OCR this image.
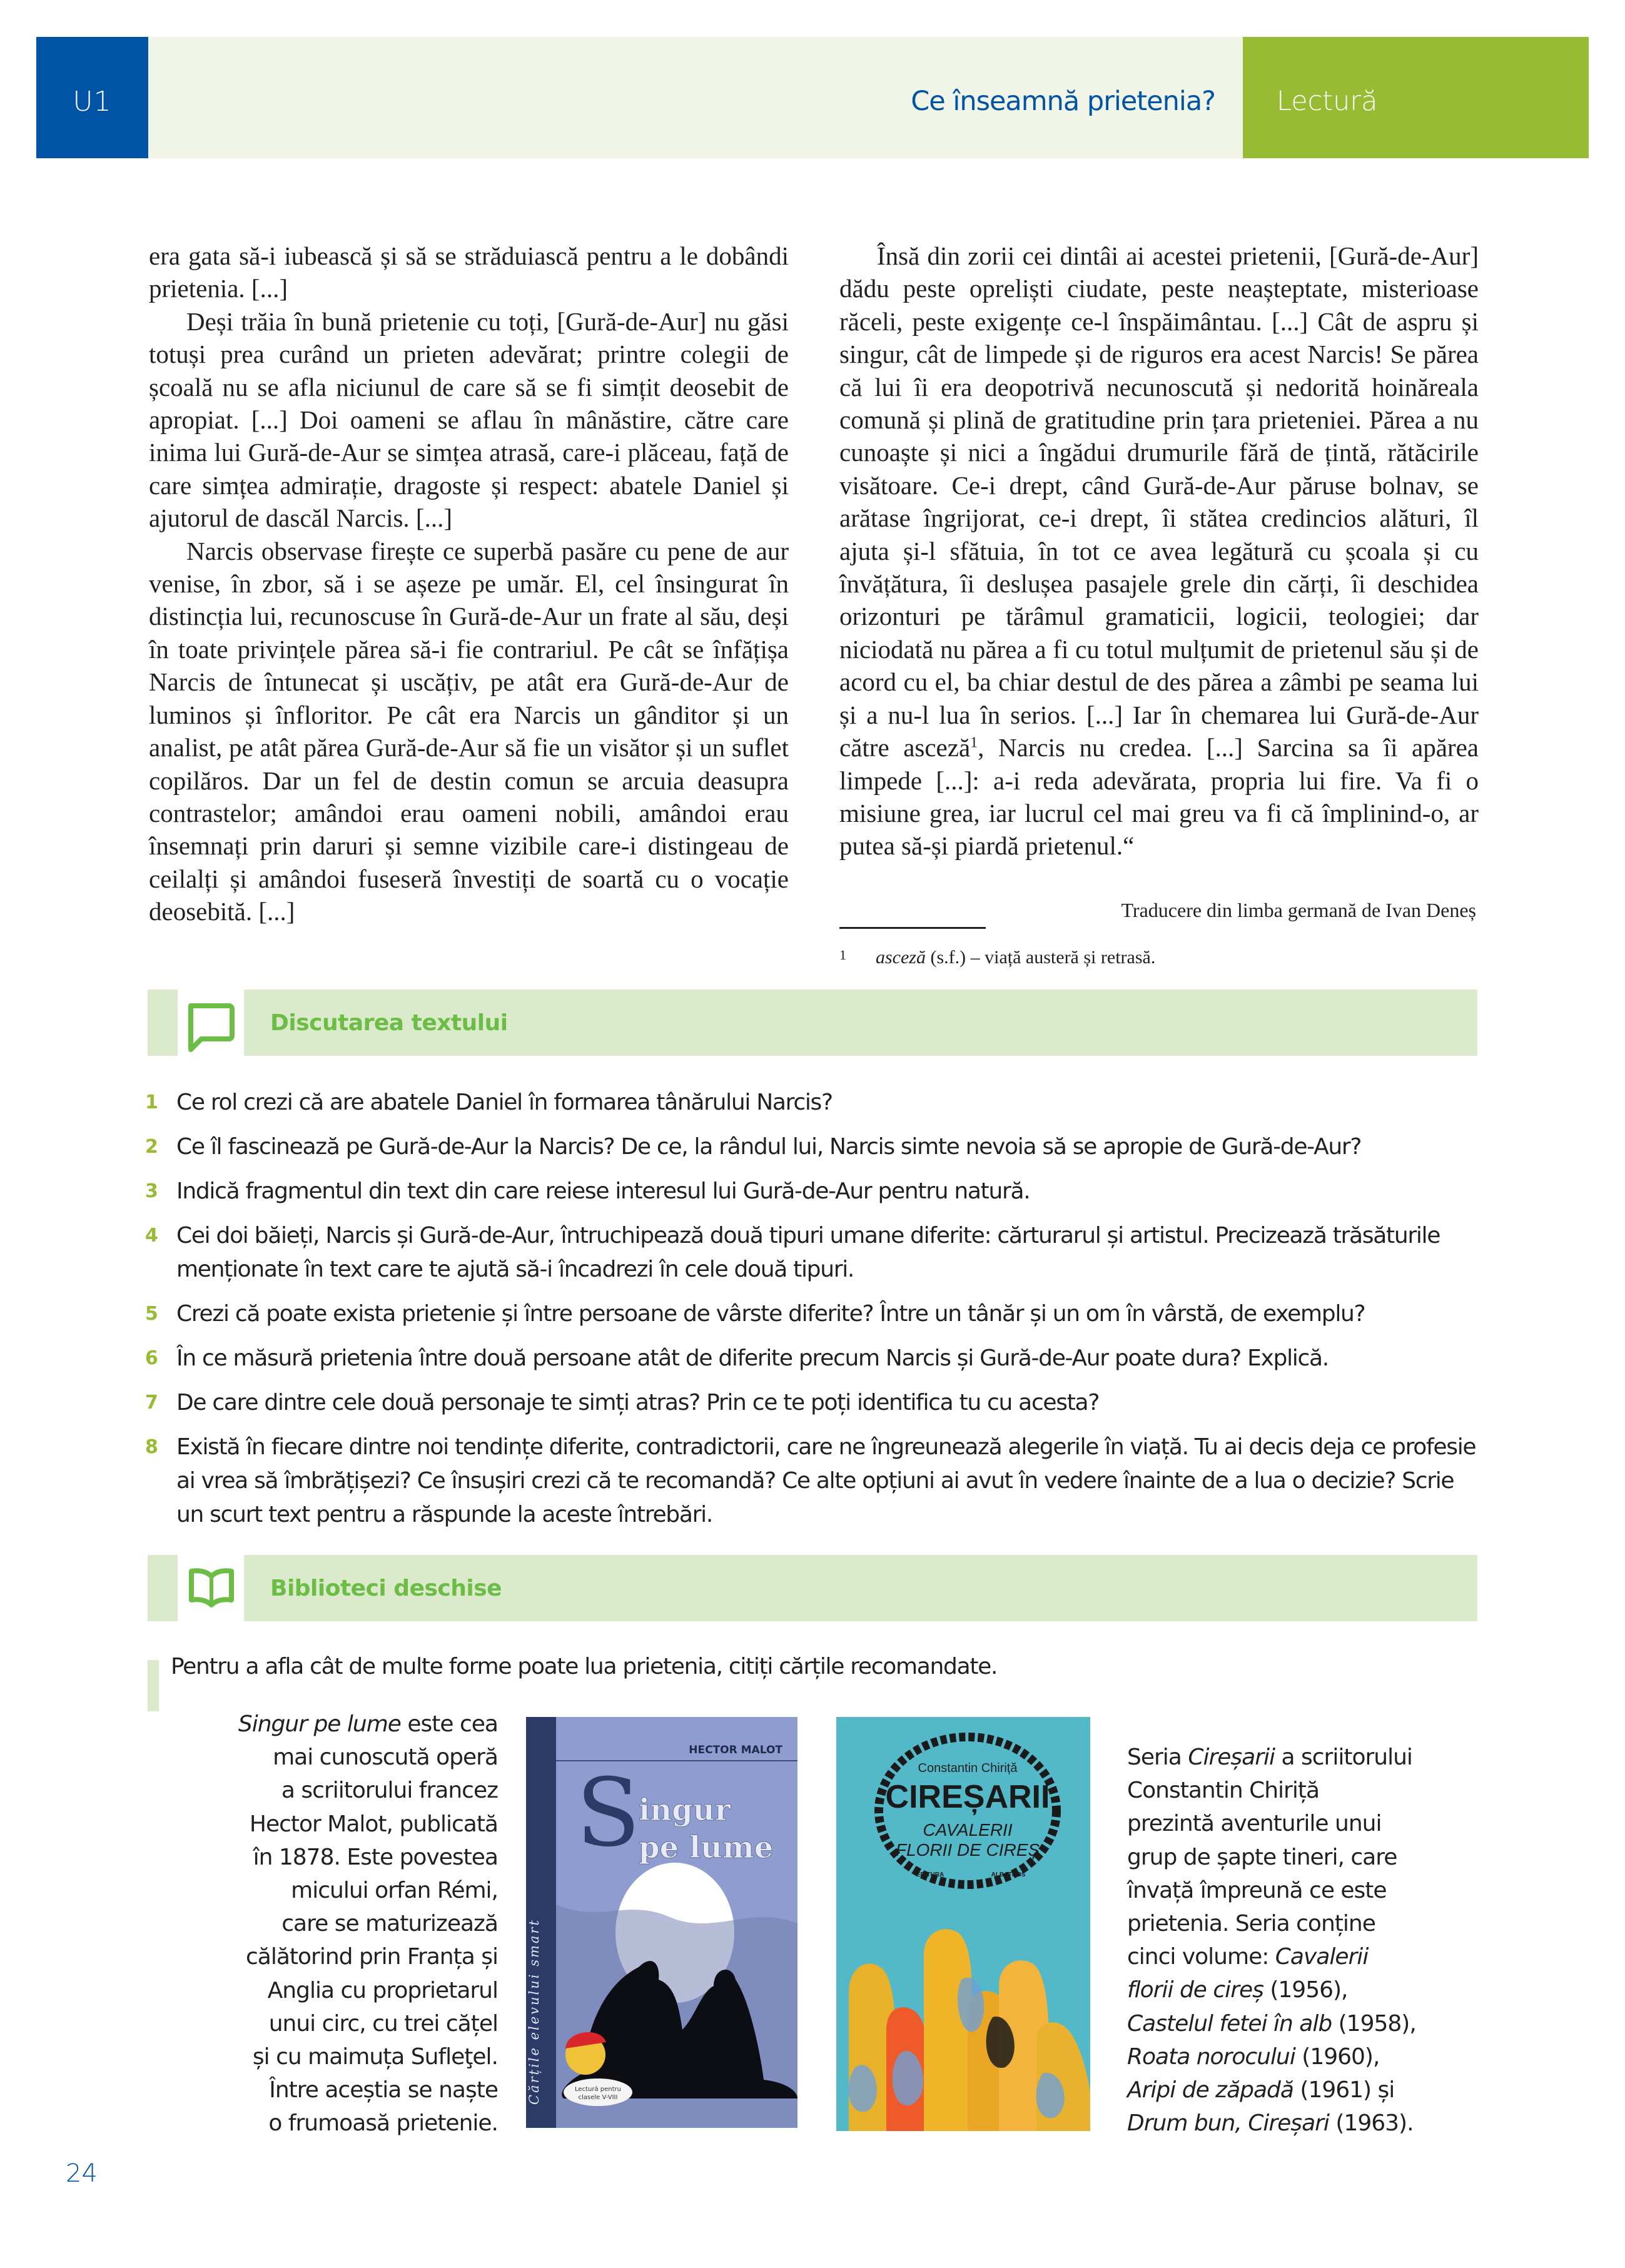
U1	Ce înseamnă prietenia? Lectură

era gata să-i iubească și să se străduiască pentru a le dobândi prietenia. [...]

Deși trăia în bună prietenie cu toți, [Gură-de-Aur] nu găsi totuși prea curând un prieten adevărat; printre colegii de școală nu se afla niciunul de care să se fi simțit deosebit de apropiat. [...] Doi oameni se aflau în mânăstire, către care inima lui Gură-de-Aur se simțea atrasă, care-i plăceau, față de care simțea admirație, dragoste și respect: abatele Daniel și ajutorul de dascăl Narcis. [...]

Narcis observase firește ce superbă pasăre cu pene de aur venise, în zbor, să i se așeze pe umăr. El, cel însingurat în distincția lui, recunoscuse în Gură-de-Aur un frate al său, deși în toate privințele părea să-i fie contrariul. Pe cât se înfățișa Narcis de întunecat și uscățiv, pe atât era Gură-de-Aur de luminos și înfloritor. Pe cât era Narcis un gânditor și un analist, pe atât părea Gură-de-Aur să fie un visător și un suflet copilăros. Dar un fel de destin comun se arcuia deasupra contrastelor; amândoi erau oameni nobili, amândoi erau însemnați prin daruri și semne vizibile care-i distingeau de ceilalți și amândoi fuseseră învestiți de soartă cu o vocație deosebită. [...]

Însă din zorii cei dintâi ai acestei prietenii, [Gură-de-Aur] dădu peste opreliști ciudate, peste neașteptate, misterioase răceli, peste exigențe ce-l înspăimântau. [...] Cât de aspru și singur, cât de limpede și de riguros era acest Narcis! Se părea că lui îi era deopotrivă necunoscută și nedorită hoinăreala comună și plină de gratitudine prin țara prieteniei. Părea a nu cunoaște și nici a îngădui drumurile fără de țintă, rătăcirile visătoare. Ce-i drept, când Gură-de-Aur păruse bolnav, se arătase îngrijorat, ce-i drept, îi stătea credincios alături, îl ajuta și-l sfătuia, în tot ce avea legătură cu școala și cu învățătura, îi deslușea pasajele grele din cărți, îi deschidea orizonturi pe tărâmul gramaticii, logicii, teologiei; dar niciodată nu părea a fi cu totul mulțumit de prietenul său și de acord cu el, ba chiar destul de des părea a zâmbi pe seama lui și a nu-l lua în serios. [...] Iar în chemarea lui Gură-de-Aur către asceză$^1$, Narcis nu credea. [...] Sarcina sa îi apărea limpede [...]: a-i reda adevărata, propria lui fire. Va fi o misiune grea, iar lucrul cel mai greu va fi că împlinind-o, ar putea să-și piardă prietenul.“

Traducere din limba germană de Ivan Deneș
1 asceză (s.f.) – viață austeră și retrasă.
Discutarea textului
1 Ce rol crezi că are abatele Daniel în formarea tânărului Narcis?
2 Ce îl fascinează pe Gură-de-Aur la Narcis? De ce, la rândul lui, Narcis simte nevoia să se apropie de Gură-de-Aur?
3 Indică fragmentul din text din care reiese interesul lui Gură-de-Aur pentru natură.
4 Cei doi băieți, Narcis și Gură-de-Aur, întruchipează două tipuri umane diferite: cărturarul și artistul. Precizează trăsăturile menționate în text care te ajută să-i încadrezi în cele două tipuri.
5 Crezi că poate exista prietenie și între persoane de vârste diferite? Între un tânăr și un om în vârstă, de exemplu?
6 În ce măsură prietenia între două persoane atât de diferite precum Narcis și Gură-de-Aur poate dura? Explică.
7 De care dintre cele două personaje te simți atras? Prin ce te poți identifica tu cu acesta?
8 Există în fiecare dintre noi tendințe diferite, contradictorii, care ne îngreunează alegerile în viață. Tu ai decis deja ce profesie ai vrea să îmbrățișezi? Ce însușiri crezi că te recomandă? Ce alte opțiuni ai avut în vedere înainte de a lua o decizie? Scrie un scurt text pentru a răspunde la aceste întrebări.
Biblioteci deschise
Pentru a afla cât de multe forme poate lua prietenia, citiți cărțile recomandate.
Singur pe lume este cea
mai cunoscută operă
a scriitorului francez
Hector Malot, publicată
în 1878. Este povestea
micului orfan Rémi,
care se maturizează
călătorind prin Franța și
Anglia cu proprietarul
unui circ, cu trei cățel
și cu maimuța Sufleţel.
Între aceștia se naște
o frumoasă prietenie.
HECTOR MALOT
Cărțile elevului smart
S
ingur
pe lume
Lectură pentru
clasele V-VIII
Constantin Chiriță
CIREȘARII
CAVALERII
FLORII DE CIREȘ
EDITURA	ALBATROS
Seria Cireșarii a scriitorului
Constantin Chiriță
prezintă aventurile unui
grup de șapte tineri, care
învață împreună ce este
prietenia. Seria conține
cinci volume: Cavalerii
florii de cireș (1956),
Castelul fetei în alb (1958),
Roata norocului (1960),
Aripi de zăpadă (1961) și
Drum bun, Cireșari (1963).
24
